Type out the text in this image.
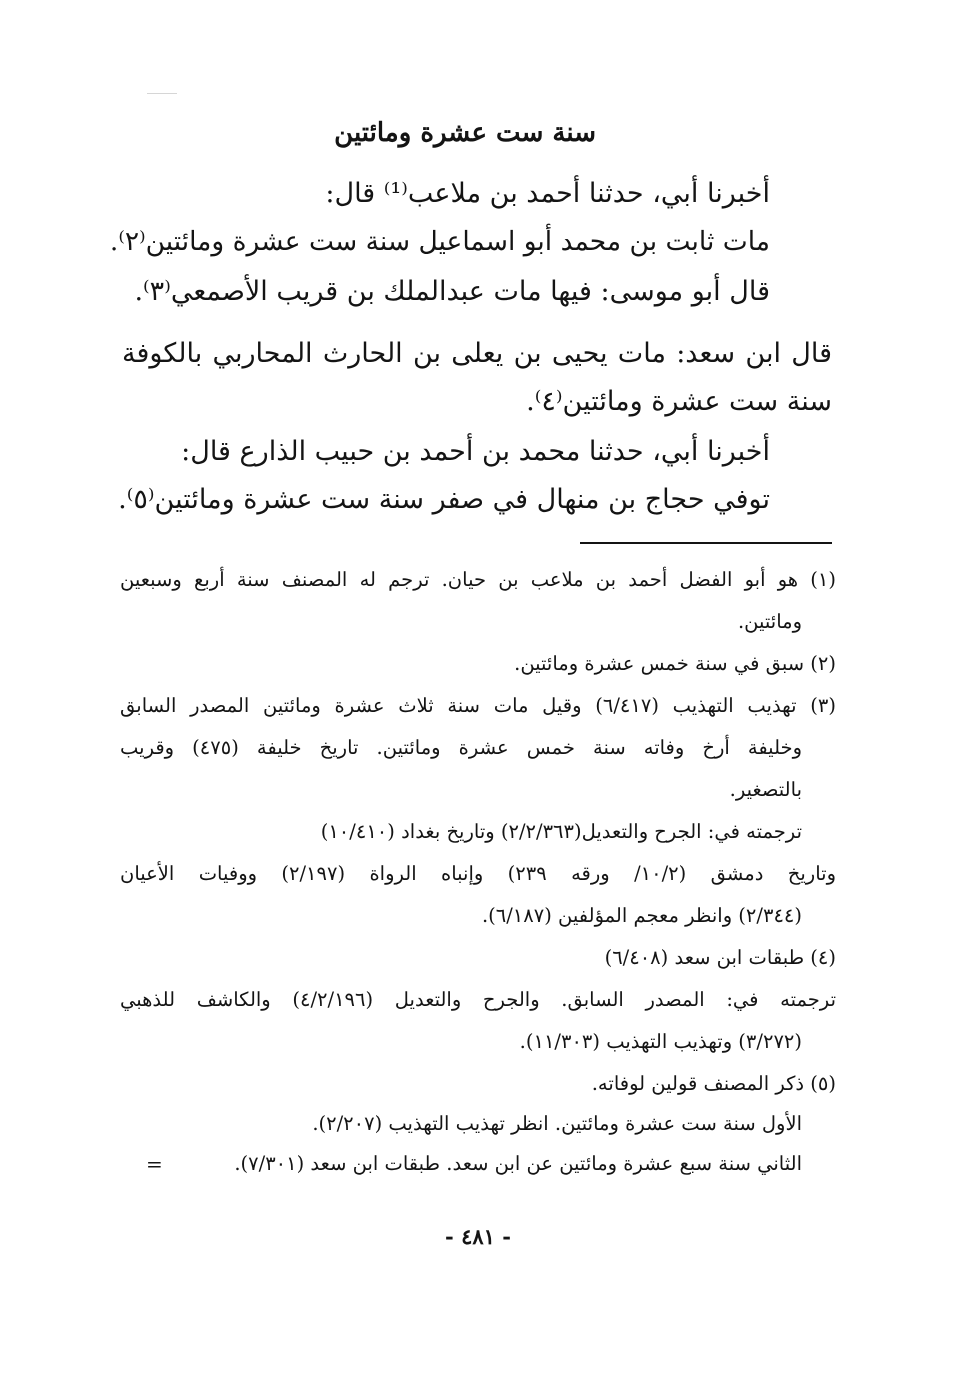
سنة ست عشرة ومائتين
أخبرنا أبي، حدثنا أحمد بن ملاعب⁽¹⁾ قال:
مات ثابت بن محمد أبو اسماعيل سنة ست عشرة ومائتين⁽٢⁾.
قال أبو موسى: فيها مات عبدالملك بن قريب الأصمعي⁽٣⁾.
قال ابن سعد: مات يحيى بن يعلى بن الحارث المحاربي بالكوفة
سنة ست عشرة ومائتين⁽٤⁾.
أخبرنا أبي، حدثنا محمد بن أحمد بن حبيب الذارع قال:
توفي حجاج بن منهال في صفر سنة ست عشرة ومائتين⁽٥⁾.
(١) هو أبو الفضل أحمد بن ملاعب بن حيان. ترجم له المصنف سنة أربع وسبعين
ومائتين.
(٢) سبق في سنة خمس عشرة ومائتين.
(٣) تهذيب التهذيب (٦/٤١٧) وقيل مات سنة ثلاث عشرة ومائتين المصدر السابق
وخليفة أرخ وفاته سنة خمس عشرة ومائتين. تاريخ خليفة (٤٧٥) وقريب
بالتصغير.
ترجمته في: الجرح والتعديل(٢/٢/٣٦٣) وتاريخ بغداد (١٠/٤١٠)
وتاريخ دمشق (١٠/٢/ ورقه ٢٣٩) وإنباه الرواة (٢/١٩٧) ووفيات الأعيان
(٢/٣٤٤) وانظر معجم المؤلفين (٦/١٨٧).
(٤) طبقات ابن سعد (٦/٤٠٨)
ترجمته في: المصدر السابق. والجرح والتعديل (٤/٢/١٩٦) والكاشف للذهبي
(٣/٢٧٢) وتهذيب التهذيب (١١/٣٠٣).
(٥) ذكر المصنف قولين لوفاته.
الأول سنة ست عشرة ومائتين. انظر تهذيب التهذيب (٢/٢٠٧).
الثاني سنة سبع عشرة ومائتين عن ابن سعد. طبقات ابن سعد (٧/٣٠١).
=
- ٤٨١ -
